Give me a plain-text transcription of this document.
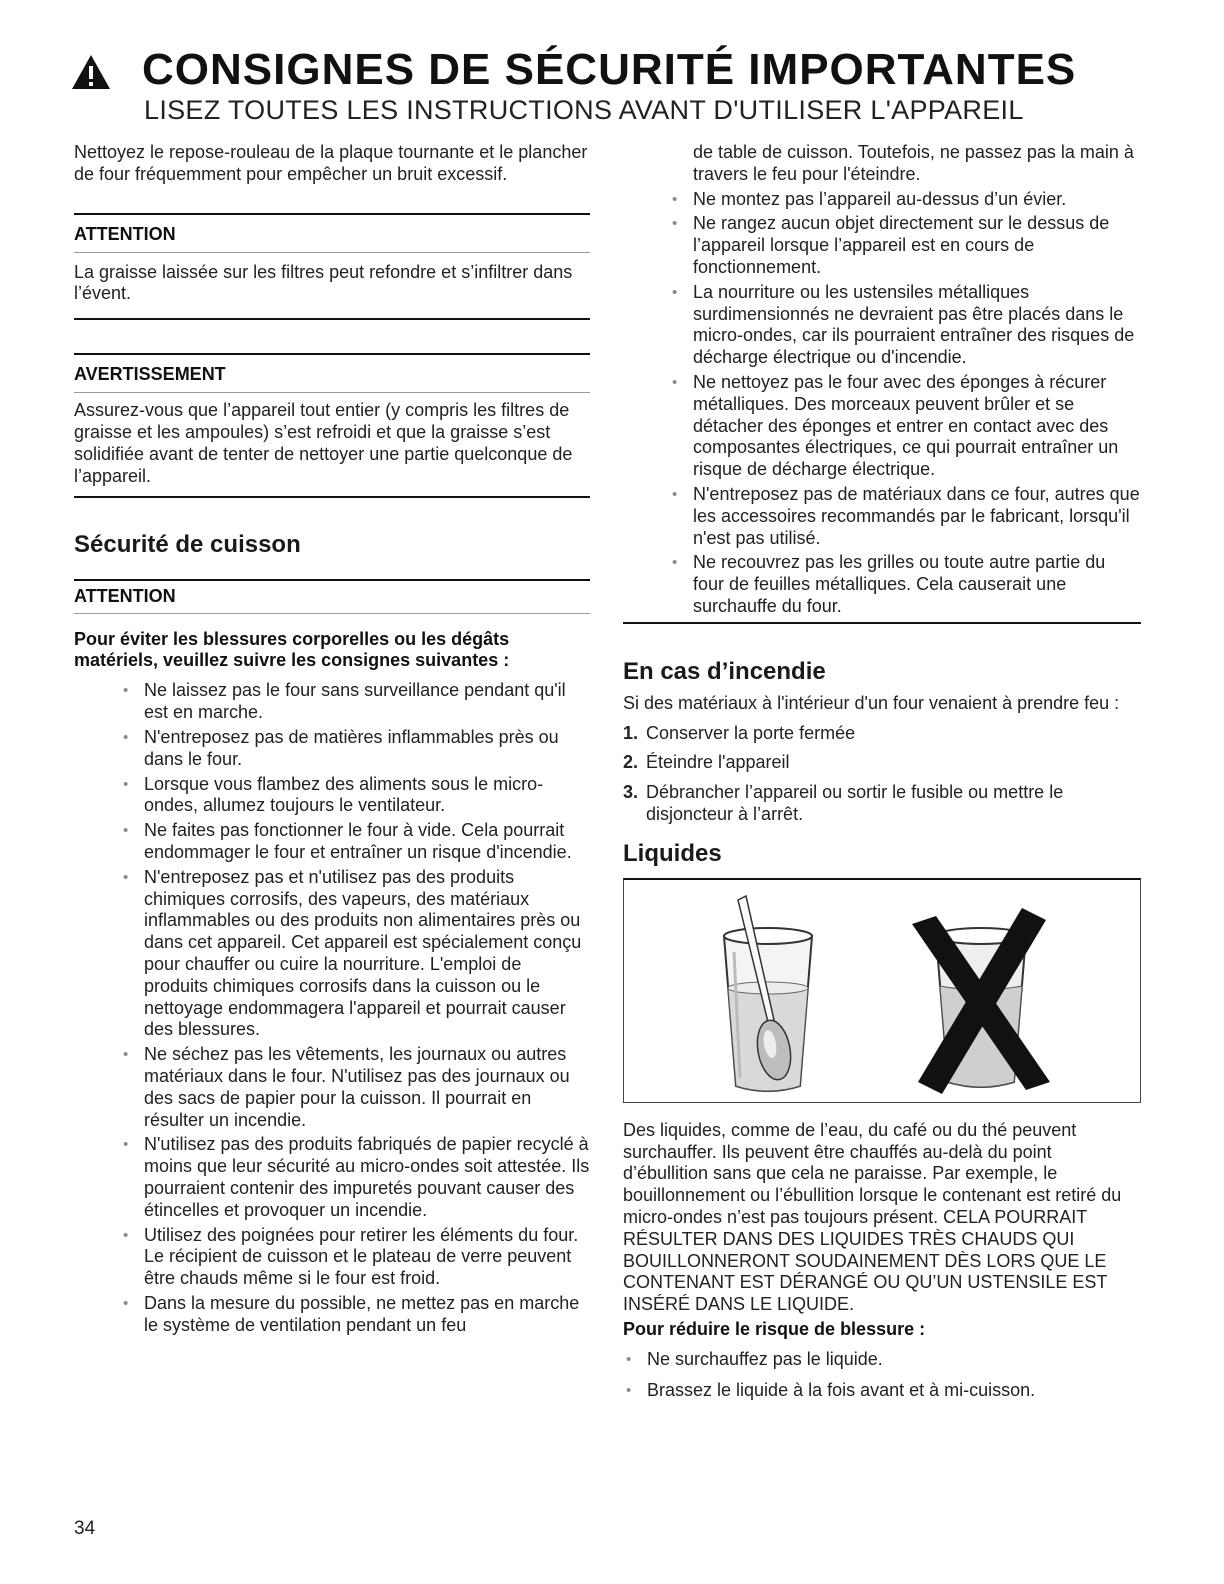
CONSIGNES DE SÉCURITÉ IMPORTANTES
LISEZ TOUTES LES INSTRUCTIONS AVANT D'UTILISER L'APPAREIL

Nettoyez le repose-rouleau de la plaque tournante et le plancher de four fréquemment pour empêcher un bruit excessif.

ATTENTION

La graisse laissée sur les filtres peut refondre et s’infiltrer dans l’évent.

AVERTISSEMENT

Assurez-vous que l’appareil tout entier (y compris les filtres de graisse et les ampoules) s’est refroidi et que la graisse s’est solidifiée avant de tenter de nettoyer une partie quelconque de l’appareil.

Sécurité de cuisson
ATTENTION
Pour éviter les blessures corporelles ou les dégâts matériels, veuillez suivre les consignes suivantes :
• Ne laissez pas le four sans surveillance pendant qu'il est en marche.
• N'entreposez pas de matières inflammables près ou dans le four.
• Lorsque vous flambez des aliments sous le micro-ondes, allumez toujours le ventilateur.
• Ne faites pas fonctionner le four à vide. Cela pourrait endommager le four et entraîner un risque d'incendie.
• N'entreposez pas et n'utilisez pas des produits chimiques corrosifs, des vapeurs, des matériaux inflammables ou des produits non alimentaires près ou dans cet appareil. Cet appareil est spécialement conçu pour chauffer ou cuire la nourriture. L'emploi de produits chimiques corrosifs dans la cuisson ou le nettoyage endommagera l'appareil et pourrait causer des blessures.
• Ne séchez pas les vêtements, les journaux ou autres matériaux dans le four. N'utilisez pas des journaux ou des sacs de papier pour la cuisson. Il pourrait en résulter un incendie.
• N'utilisez pas des produits fabriqués de papier recyclé à moins que leur sécurité au micro-ondes soit attestée. Ils pourraient contenir des impuretés pouvant causer des étincelles et provoquer un incendie.
• Utilisez des poignées pour retirer les éléments du four. Le récipient de cuisson et le plateau de verre peuvent être chauds même si le four est froid.
• Dans la mesure du possible, ne mettez pas en marche le système de ventilation pendant un feu

de table de cuisson. Toutefois, ne passez pas la main à travers le feu pour l'éteindre.

• Ne montez pas l’appareil au-dessus d’un évier.
• Ne rangez aucun objet directement sur le dessus de l’appareil lorsque l’appareil est en cours de fonctionnement.
• La nourriture ou les ustensiles métalliques surdimensionnés ne devraient pas être placés dans le micro-ondes, car ils pourraient entraîner des risques de décharge électrique ou d'incendie.
• Ne nettoyez pas le four avec des éponges à récurer métalliques. Des morceaux peuvent brûler et se détacher des éponges et entrer en contact avec des composantes électriques, ce qui pourrait entraîner un risque de décharge électrique.
• N'entreposez pas de matériaux dans ce four, autres que les accessoires recommandés par le fabricant, lorsqu'il n'est pas utilisé.
• Ne recouvrez pas les grilles ou toute autre partie du four de feuilles métalliques. Cela causerait une surchauffe du four.
En cas d’incendie

Si des matériaux à l'intérieur d'un four venaient à prendre feu :

1. Conserver la porte fermée
2. Éteindre l'appareil
3. Débrancher l’appareil ou sortir le fusible ou mettre le disjoncteur à l’arrêt.
Liquides

Des liquides, comme de l’eau, du café ou du thé peuvent surchauffer. Ils peuvent être chauffés au-delà du point d’ébullition sans que cela ne paraisse. Par exemple, le bouillonnement ou l’ébullition lorsque le contenant est retiré du micro-ondes n’est pas toujours présent. CELA POURRAIT RÉSULTER DANS DES LIQUIDES TRÈS CHAUDS QUI BOUILLONNERONT SOUDAINEMENT DÈS LORS QUE LE CONTENANT EST DÉRANGÉ OU QU’UN USTENSILE EST INSÉRÉ DANS LE LIQUIDE.

Pour réduire le risque de blessure :
• Ne surchauffez pas le liquide.
• Brassez le liquide à la fois avant et à mi-cuisson.
34
